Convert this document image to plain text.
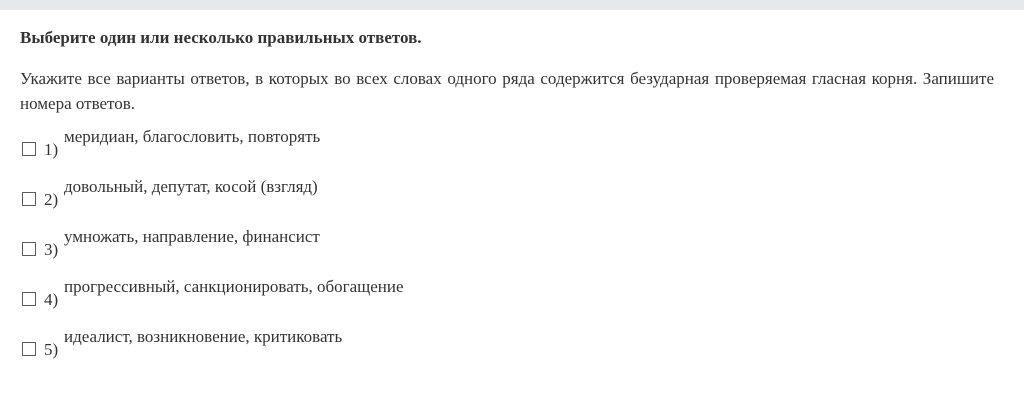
Выберите один или несколько правильных ответов.

Укажите все варианты ответов, в которых во всех словах одного ряда содержится безударная проверяемая гласная корня. Запишите номера ответов.

1)
меридиан, благословить, повторять
2)
довольный, депутат, косой (взгляд)
3)
умножать, направление, финансист
4)
прогрессивный, санкционировать, обогащение
5)
идеалист, возникновение, критиковать
